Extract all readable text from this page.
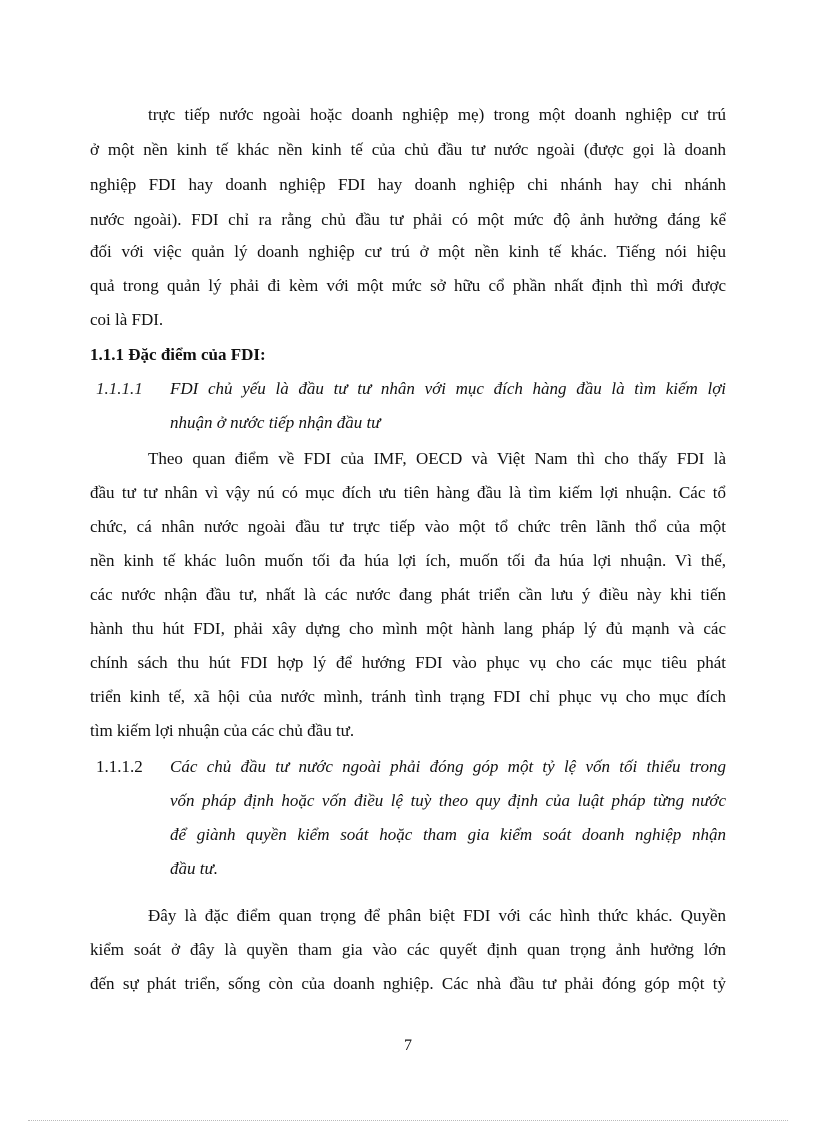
trực tiếp nước ngoài hoặc doanh nghiệp mẹ) trong một doanh nghiệp cư trú

ở một nền kinh tế khác nền kinh tế của chủ đầu tư nước ngoài (được gọi là doanh

nghiệp FDI hay doanh nghiệp FDI hay doanh nghiệp chi nhánh hay chi nhánh

nước ngoài). FDI chỉ ra rằng chủ đầu tư phải có một mức độ ảnh hưởng đáng kể

đối với việc quản lý doanh nghiệp cư trú ở một nền kinh tế khác. Tiếng nói hiệu

quả trong quản lý phải đi kèm với một mức sở hữu cổ phần nhất định thì mới được

coi là FDI.

1.1.1 Đặc điểm của FDI:

1.1.1.1 FDI chủ yếu là đầu tư tư nhân với mục đích hàng đầu là tìm kiếm lợi

nhuận ở nước tiếp nhận đầu tư

Theo quan điểm về FDI của IMF, OECD và Việt Nam thì cho thấy FDI là

đầu tư tư nhân vì vậy nú có mục đích ưu tiên hàng đầu là tìm kiếm lợi nhuận. Các tổ

chức, cá nhân nước ngoài đầu tư trực tiếp vào một tổ chức trên lãnh thổ của một

nền kinh tế khác luôn muốn tối đa húa lợi ích, muốn tối đa húa lợi nhuận. Vì thế,

các nước nhận đầu tư, nhất là các nước đang phát triển cần lưu ý điều này khi tiến

hành thu hút FDI, phải xây dựng cho mình một hành lang pháp lý đủ mạnh và các

chính sách thu hút FDI hợp lý để hướng FDI vào phục vụ cho các mục tiêu phát

triển kinh tế, xã hội của nước mình, tránh tình trạng FDI chỉ phục vụ cho mục đích

tìm kiếm lợi nhuận của các chủ đầu tư.

1.1.1.2 Các chủ đầu tư nước ngoài phải đóng góp một tỷ lệ vốn tối thiểu trong

vốn pháp định hoặc vốn điều lệ tuỳ theo quy định của luật pháp từng nước

để giành quyền kiểm soát hoặc tham gia kiểm soát doanh nghiệp nhận

đầu tư.

Đây là đặc điểm quan trọng để phân biệt FDI với các hình thức khác. Quyền

kiểm soát ở đây là quyền tham gia vào các quyết định quan trọng ảnh hưởng lớn

đến sự phát triển, sống còn của doanh nghiệp. Các nhà đầu tư phải đóng góp một tỷ

7
